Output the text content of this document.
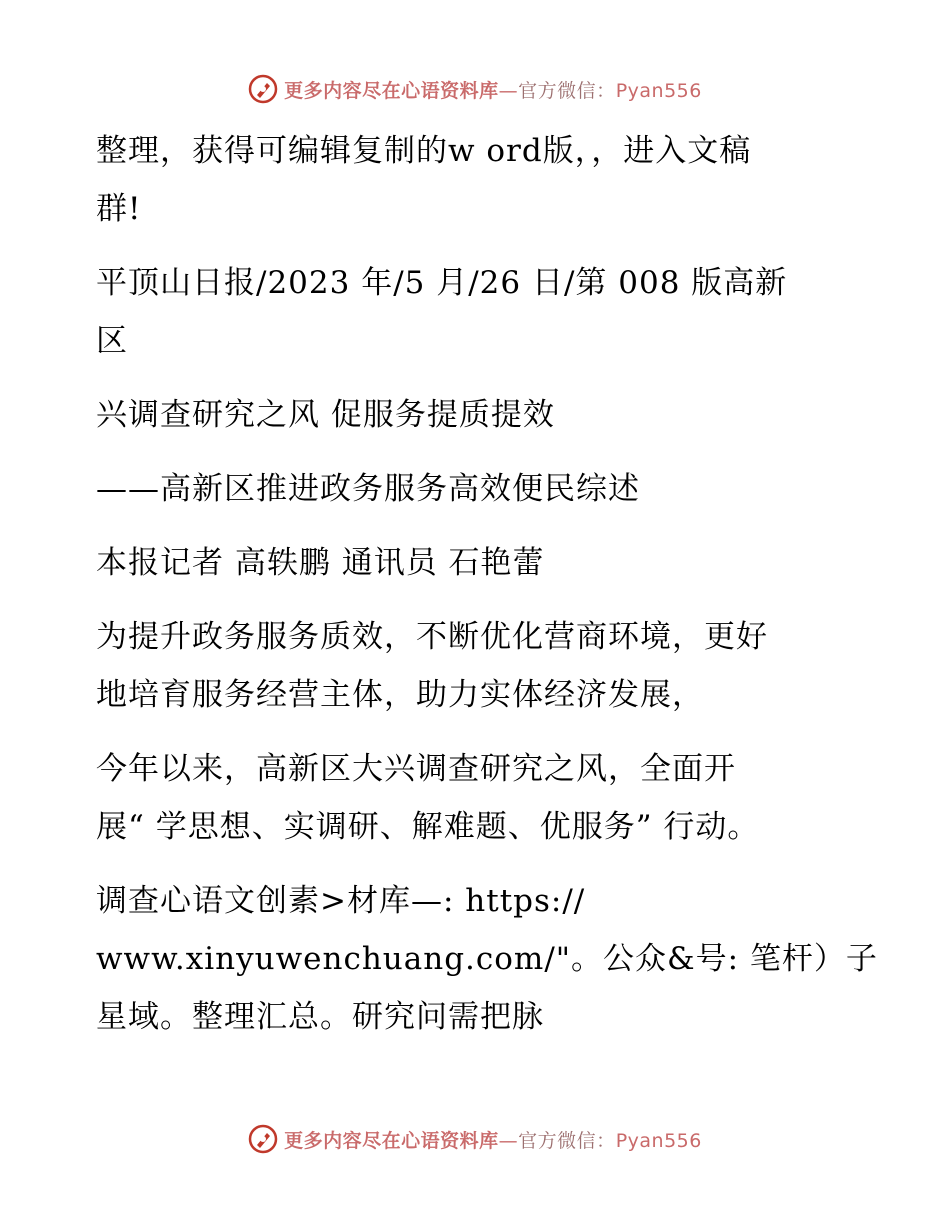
更多内容尽在心语资料库—官方微信：Pyan556
整理，获得可编辑复制的w ord版，，进入文稿
群!
平顶山日报/2023 年/5 月/26 日/第 008 版高新
区
兴调查研究之风 促服务提质提效
——高新区推进政务服务高效便民综述
本报记者 高轶鹏 通讯员 石艳蕾
为提升政务服务质效，不断优化营商环境，更好
地培育服务经营主体，助力实体经济发展，
今年以来，高新区大兴调查研究之风，全面开
展“ 学思想、实调研、解难题、优服务” 行动。
调查心语文创素>材库—: https://
www.xinyuwenchuang.com/"。公众&号: 笔杆）子
星域。整理汇总。研究问需把脉
更多内容尽在心语资料库—官方微信：Pyan556
